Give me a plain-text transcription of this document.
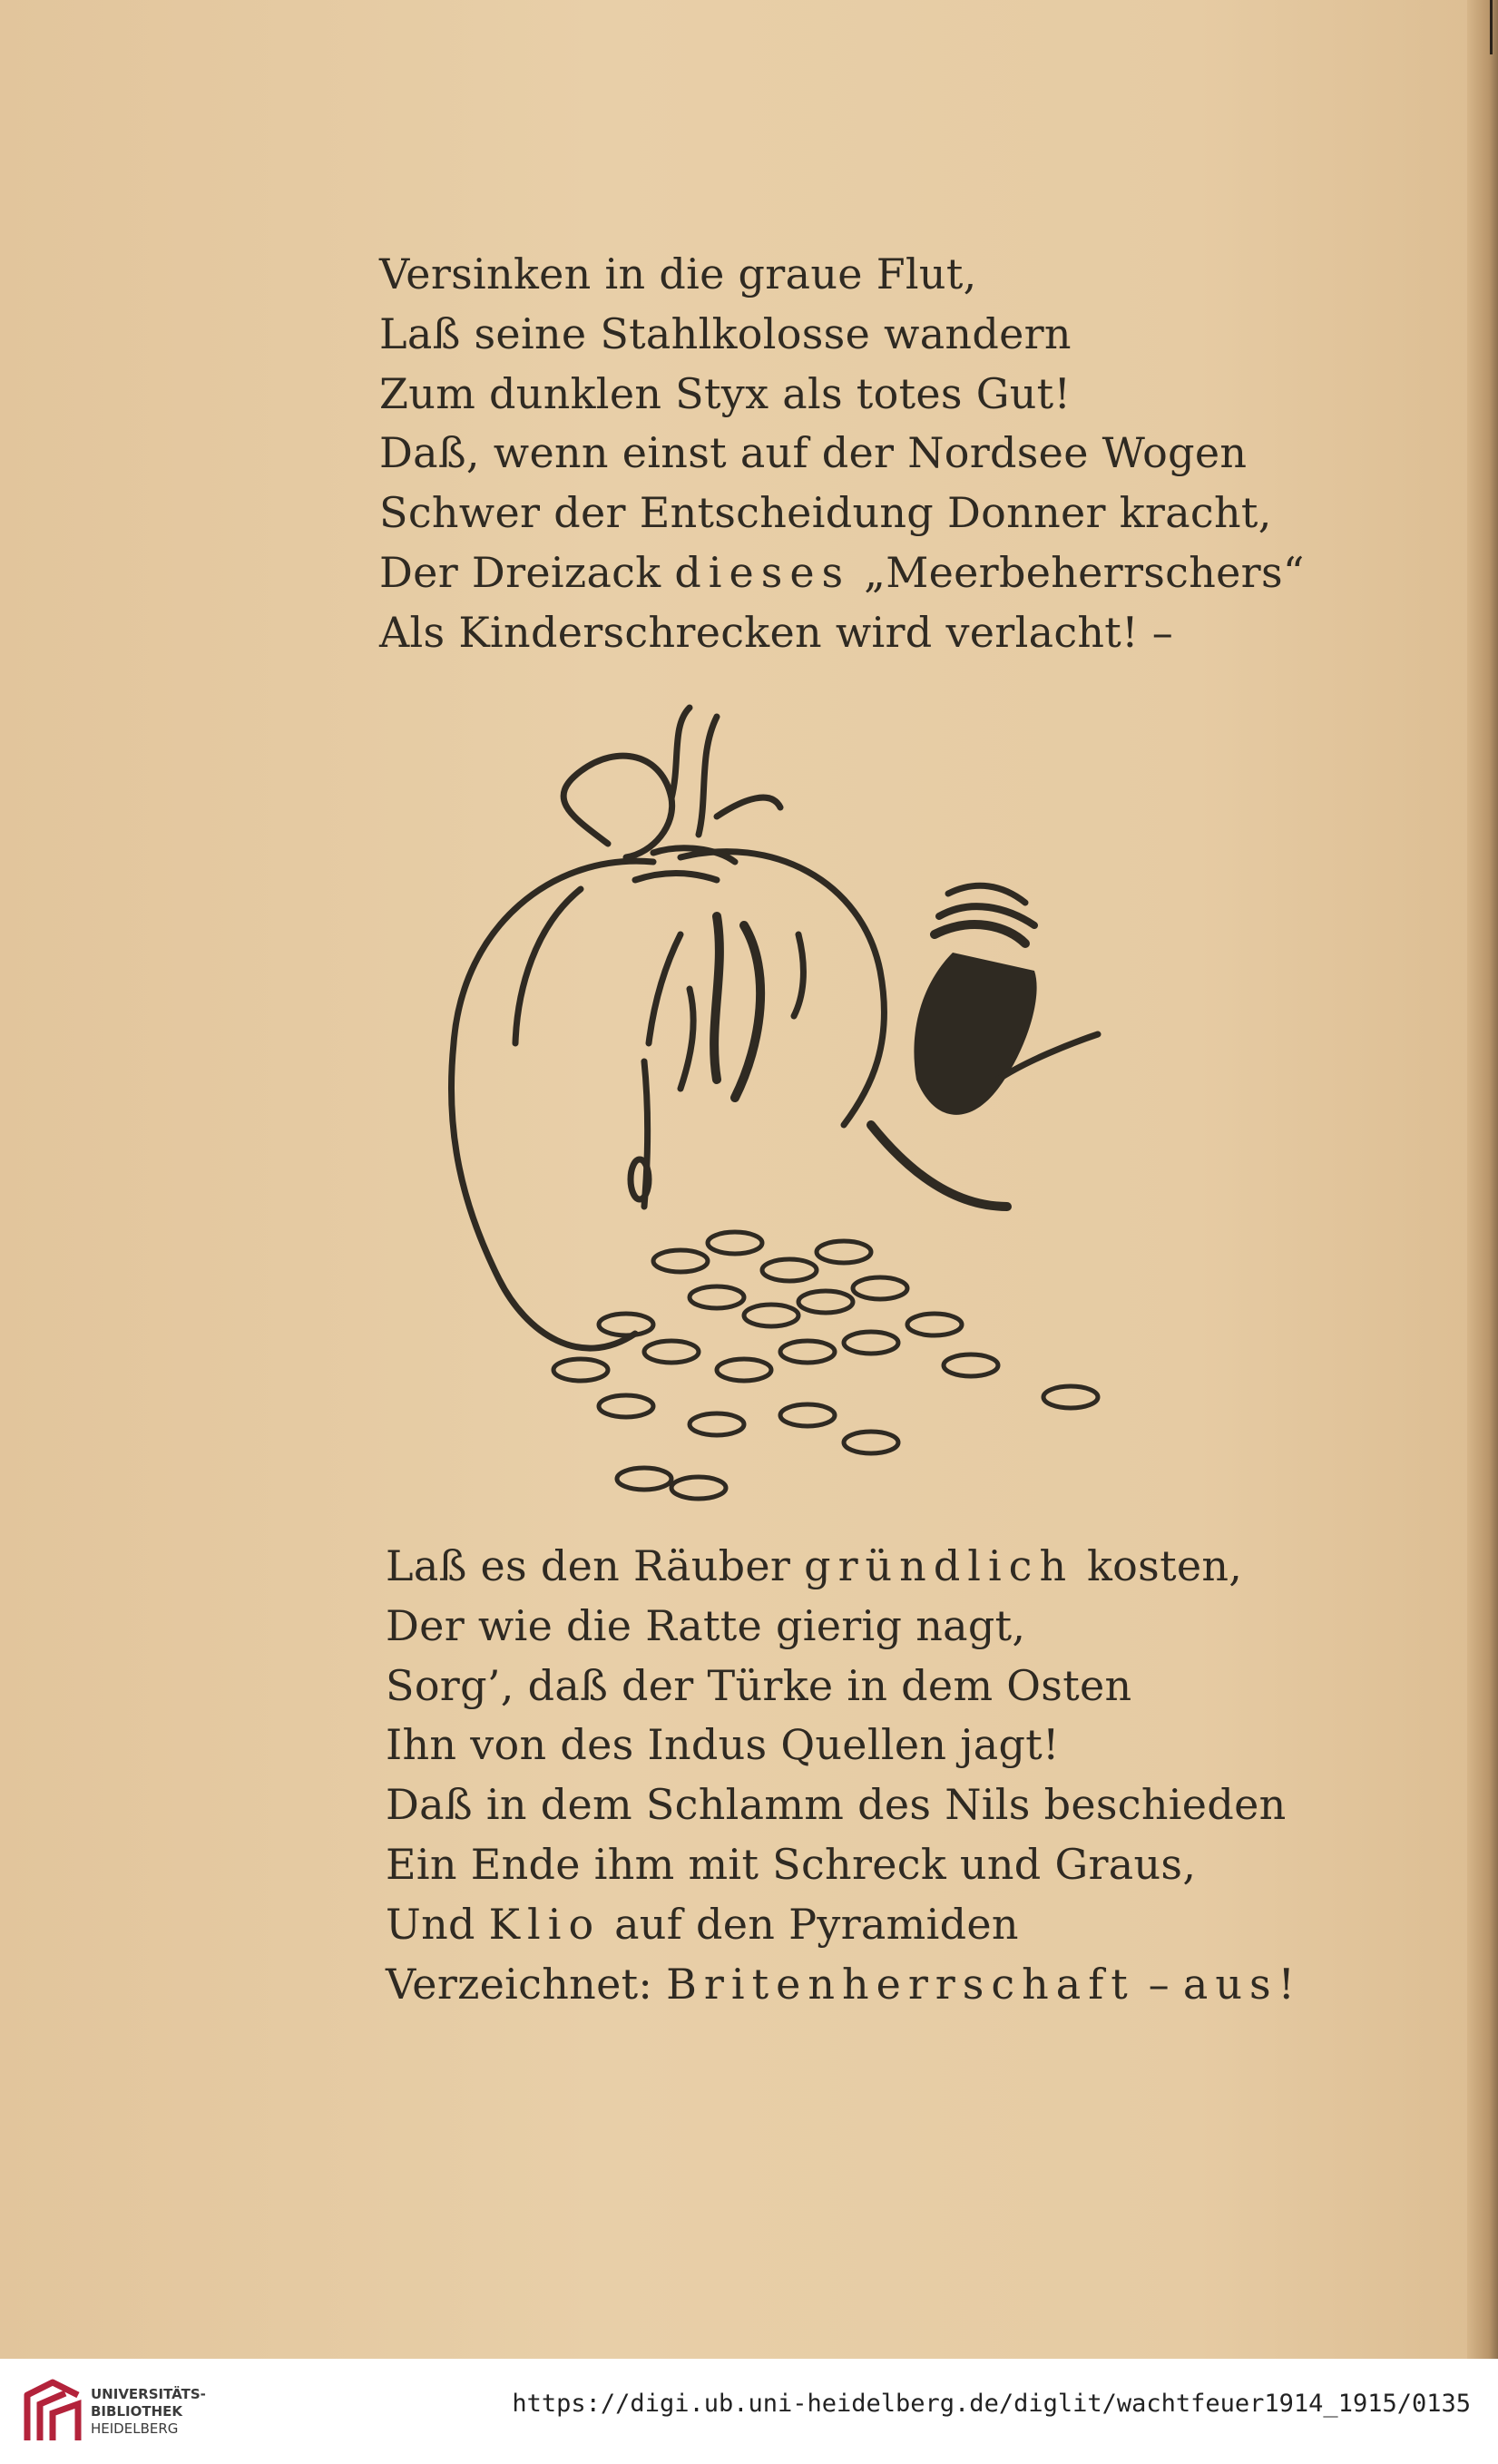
Versinken in die graue Flut,
Laß seine Stahlkolosse wandern
Zum dunklen Styx als totes Gut!
Daß, wenn einst auf der Nordsee Wogen
Schwer der Entscheidung Donner kracht,
Der Dreizack dieses „Meerbeherrschers“
Als Kinderschrecken wird verlacht! –
Laß es den Räuber gründlich kosten,
Der wie die Ratte gierig nagt,
Sorg’, daß der Türke in dem Osten
Ihn von des Indus Quellen jagt!
Daß in dem Schlamm des Nils beschieden
Ein Ende ihm mit Schreck und Graus,
Und Klio auf den Pyramiden
Verzeichnet: Britenherrschaft – aus!
UNIVERSITÄTS-
BIBLIOTHEK
HEIDELBERG
https://digi.ub.uni-heidelberg.de/diglit/wachtfeuer1914_1915/0135
